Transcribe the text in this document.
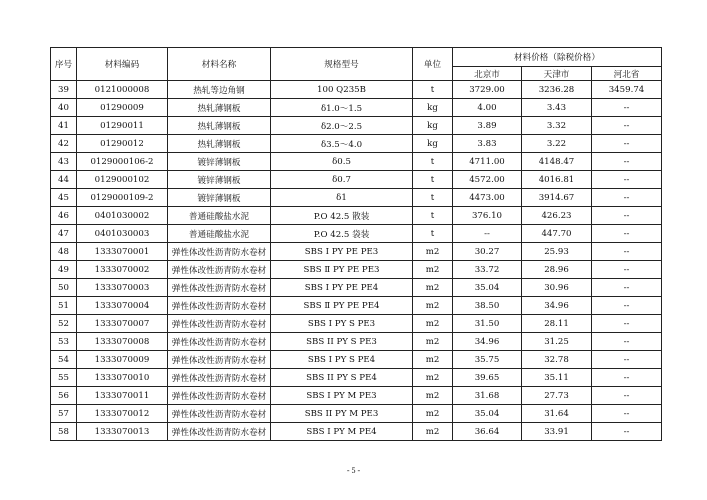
序号	材料编码	材料名称	规格型号	单位	材料价格（除税价格）		
					北京市	天津市	河北省
39	0121000008	热轧等边角钢	100 Q235B	t	3729.00	3236.28	3459.74
40	01290009	热轧薄钢板	δ1.0～1.5	kg	4.00	3.43	--
41	01290011	热轧薄钢板	δ2.0～2.5	kg	3.89	3.32	--
42	01290012	热轧薄钢板	δ3.5～4.0	kg	3.83	3.22	--
43	0129000106-2	镀锌薄钢板	δ0.5	t	4711.00	4148.47	--
44	0129000102	镀锌薄钢板	δ0.7	t	4572.00	4016.81	--
45	0129000109-2	镀锌薄钢板	δ1	t	4473.00	3914.67	--
46	0401030002	普通硅酸盐水泥	P.O 42.5 散装	t	376.10	426.23	--
47	0401030003	普通硅酸盐水泥	P.O 42.5 袋装	t	--	447.70	--
48	1333070001	弹性体改性沥青防水卷材	SBS Ⅰ PY PE PE3	m2	30.27	25.93	--
49	1333070002	弹性体改性沥青防水卷材	SBS Ⅱ PY PE PE3	m2	33.72	28.96	--
50	1333070003	弹性体改性沥青防水卷材	SBS Ⅰ PY PE PE4	m2	35.04	30.96	--
51	1333070004	弹性体改性沥青防水卷材	SBS Ⅱ PY PE PE4	m2	38.50	34.96	--
52	1333070007	弹性体改性沥青防水卷材	SBS Ⅰ PY S PE3	m2	31.50	28.11	--
53	1333070008	弹性体改性沥青防水卷材	SBS II PY S PE3	m2	34.96	31.25	--
54	1333070009	弹性体改性沥青防水卷材	SBS Ⅰ PY S PE4	m2	35.75	32.78	--
55	1333070010	弹性体改性沥青防水卷材	SBS II PY S PE4	m2	39.65	35.11	--
56	1333070011	弹性体改性沥青防水卷材	SBS Ⅰ PY M PE3	m2	31.68	27.73	--
57	1333070012	弹性体改性沥青防水卷材	SBS II PY M PE3	m2	35.04	31.64	--
58	1333070013	弹性体改性沥青防水卷材	SBS Ⅰ PY M PE4	m2	36.64	33.91	--
- 5 -
